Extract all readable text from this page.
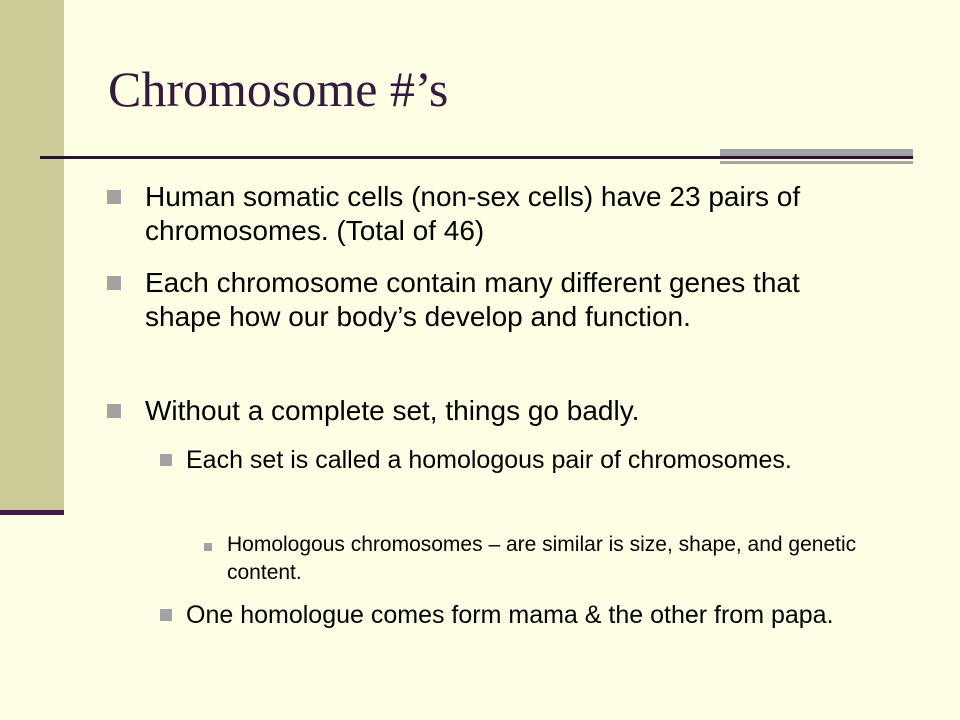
Chromosome #’s
Human somatic cells (non-sex cells) have 23 pairs of chromosomes. (Total of 46)
Each chromosome contain many different genes that shape how our body’s develop and function.
Without a complete set, things go badly.
Each set is called a homologous pair of chromosomes.
Homologous chromosomes – are similar is size, shape, and genetic content.
One homologue comes form mama & the other from papa.
